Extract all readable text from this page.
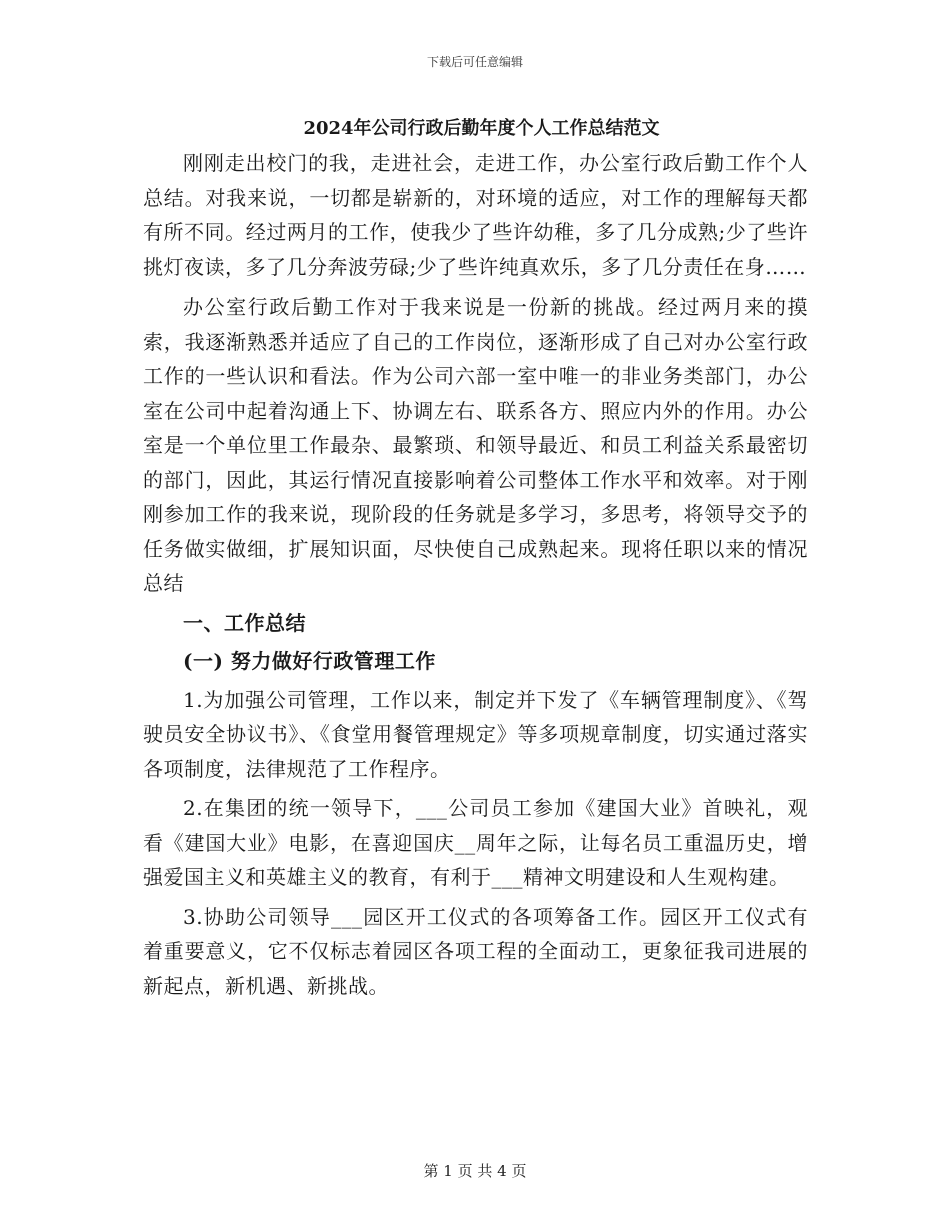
下载后可任意编辑
2024年公司行政后勤年度个人工作总结范文

刚刚走出校门的我，走进社会，走进工作，办公室行政后勤工作个人总结。对我来说，一切都是崭新的，对环境的适应，对工作的理解每天都有所不同。经过两月的工作，使我少了些许幼稚，多了几分成熟;少了些许挑灯夜读，多了几分奔波劳碌;少了些许纯真欢乐，多了几分责任在身……

办公室行政后勤工作对于我来说是一份新的挑战。经过两月来的摸索，我逐渐熟悉并适应了自己的工作岗位，逐渐形成了自己对办公室行政工作的一些认识和看法。作为公司六部一室中唯一的非业务类部门，办公室在公司中起着沟通上下、协调左右、联系各方、照应内外的作用。办公室是一个单位里工作最杂、最繁琐、和领导最近、和员工利益关系最密切的部门，因此，其运行情况直接影响着公司整体工作水平和效率。对于刚刚参加工作的我来说，现阶段的任务就是多学习，多思考，将领导交予的任务做实做细，扩展知识面，尽快使自己成熟起来。现将任职以来的情况总结

一、工作总结

(一) 努力做好行政管理工作

1.为加强公司管理，工作以来，制定并下发了《车辆管理制度》、《驾驶员安全协议书》、《食堂用餐管理规定》等多项规章制度，切实通过落实各项制度，法律规范了工作程序。

2.在集团的统一领导下，___公司员工参加《建国大业》首映礼，观看《建国大业》电影，在喜迎国庆__周年之际，让每名员工重温历史，增强爱国主义和英雄主义的教育，有利于___精神文明建设和人生观构建。

3.协助公司领导___园区开工仪式的各项筹备工作。园区开工仪式有着重要意义，它不仅标志着园区各项工程的全面动工，更象征我司进展的新起点，新机遇、新挑战。

第 1 页 共 4 页
